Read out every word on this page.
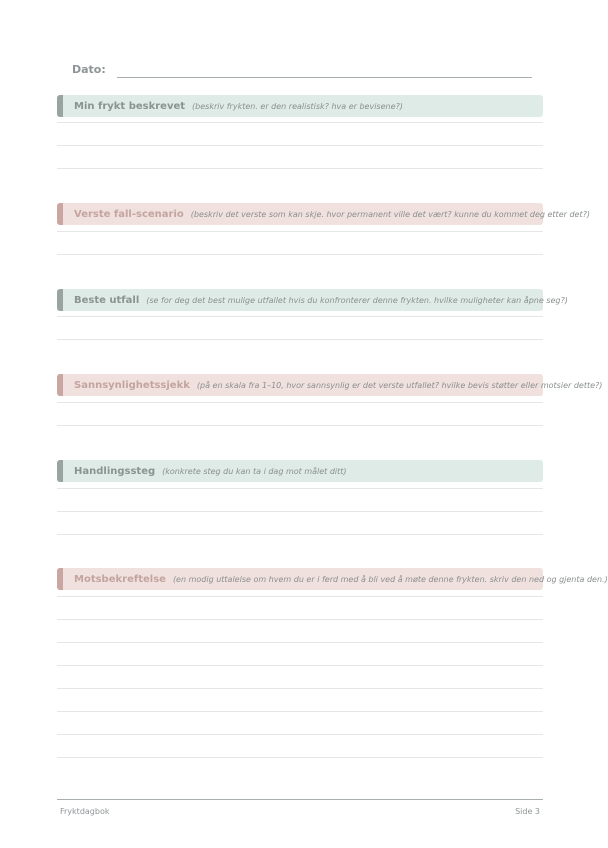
Dato:
Min frykt beskrevet (beskriv frykten. er den realistisk? hva er bevisene?)
Verste fall-scenario (beskriv det verste som kan skje. hvor permanent ville det vært? kunne du kommet deg etter det?)
Beste utfall (se for deg det best mulige utfallet hvis du konfronterer denne frykten. hvilke muligheter kan åpne seg?)
Sannsynlighetssjekk (på en skala fra 1–10, hvor sannsynlig er det verste utfallet? hvilke bevis støtter eller motsier dette?)
Handlingssteg (konkrete steg du kan ta i dag mot målet ditt)
Motsbekreftelse (en modig uttalelse om hvem du er i ferd med å bli ved å møte denne frykten. skriv den ned og gjenta den.)
Fryktdagbok	Side 3
